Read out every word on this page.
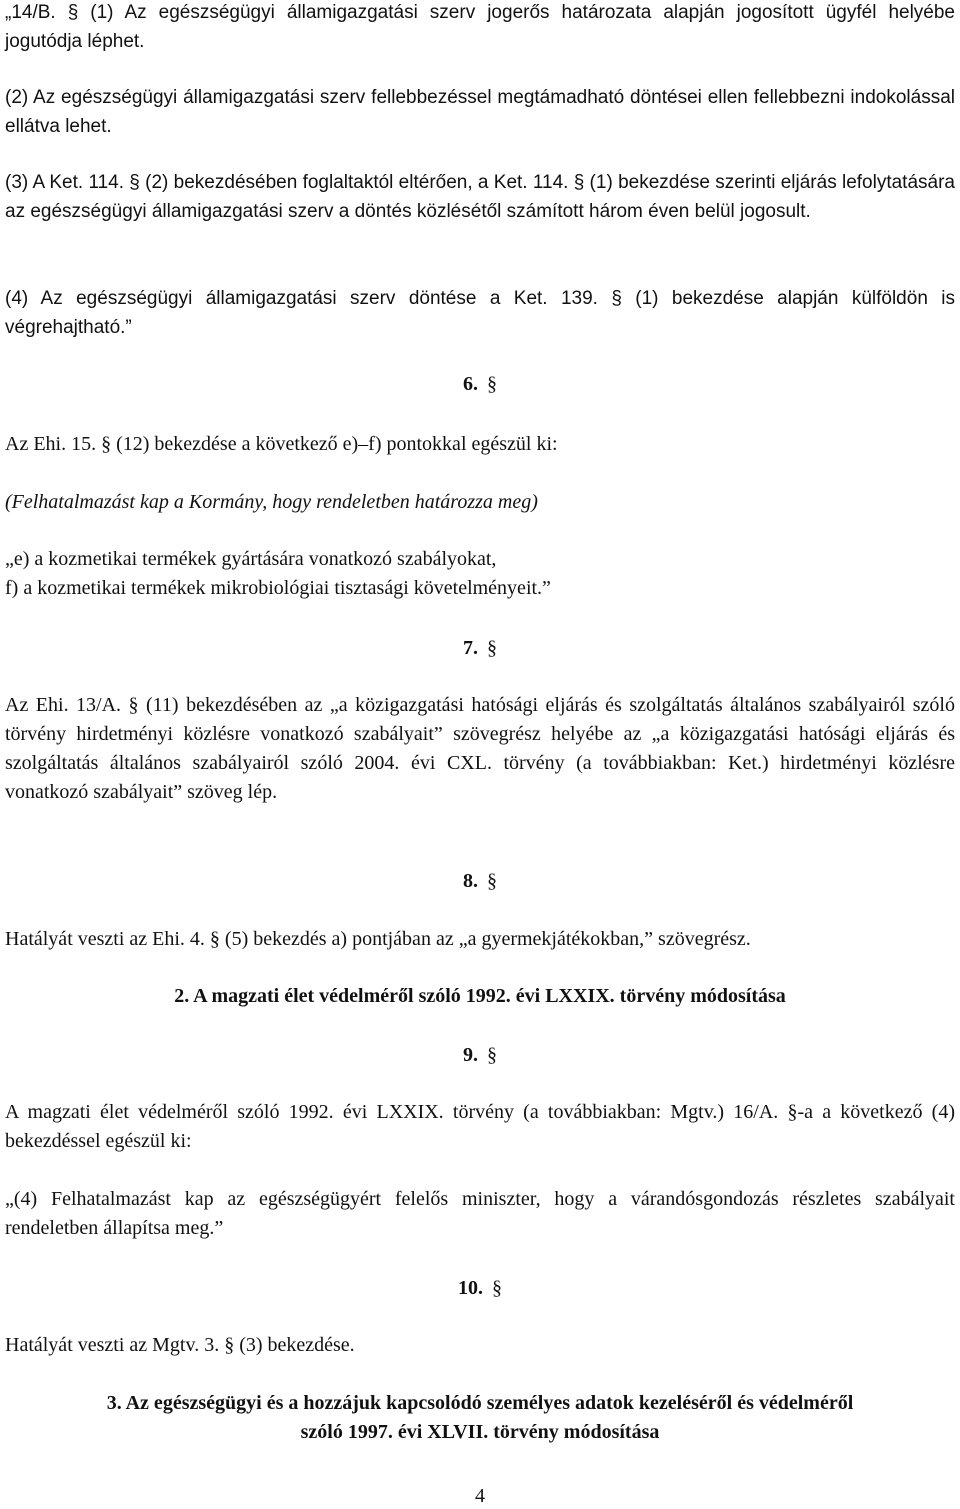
„14/B. § (1) Az egészségügyi államigazgatási szerv jogerős határozata alapján jogosított ügyfél helyébe jogutódja léphet.

(2) Az egészségügyi államigazgatási szerv fellebbezéssel megtámadható döntései ellen fellebbezni indokolással ellátva lehet.

(3) A Ket. 114. § (2) bekezdésében foglaltaktól eltérően, a Ket. 114. § (1) bekezdése szerinti eljárás lefolytatására az egészségügyi államigazgatási szerv a döntés közlésétől számított három éven belül jogosult.

(4) Az egészségügyi államigazgatási szerv döntése a Ket. 139. § (1) bekezdése alapján külföldön is végrehajtható.”

6. §

Az Ehi. 15. § (12) bekezdése a következő e)–f) pontokkal egészül ki:

(Felhatalmazást kap a Kormány, hogy rendeletben határozza meg)

„e) a kozmetikai termékek gyártására vonatkozó szabályokat,

f) a kozmetikai termékek mikrobiológiai tisztasági követelményeit.”

7. §

Az Ehi. 13/A. § (11) bekezdésében az „a közigazgatási hatósági eljárás és szolgáltatás általános szabályairól szóló törvény hirdetményi közlésre vonatkozó szabályait” szövegrész helyébe az „a közigazgatási hatósági eljárás és szolgáltatás általános szabályairól szóló 2004. évi CXL. törvény (a továbbiakban: Ket.) hirdetményi közlésre vonatkozó szabályait” szöveg lép.

8. §

Hatályát veszti az Ehi. 4. § (5) bekezdés a) pontjában az „a gyermekjátékokban,” szövegrész.

2. A magzati élet védelméről szóló 1992. évi LXXIX. törvény módosítása
9. §

A magzati élet védelméről szóló 1992. évi LXXIX. törvény (a továbbiakban: Mgtv.) 16/A. §-a a következő (4) bekezdéssel egészül ki:

„(4) Felhatalmazást kap az egészségügyért felelős miniszter, hogy a várandósgondozás részletes szabályait rendeletben állapítsa meg.”

10. §

Hatályát veszti az Mgtv. 3. § (3) bekezdése.

3. Az egészségügyi és a hozzájuk kapcsolódó személyes adatok kezeléséről és védelméről
szóló 1997. évi XLVII. törvény módosítása
4
